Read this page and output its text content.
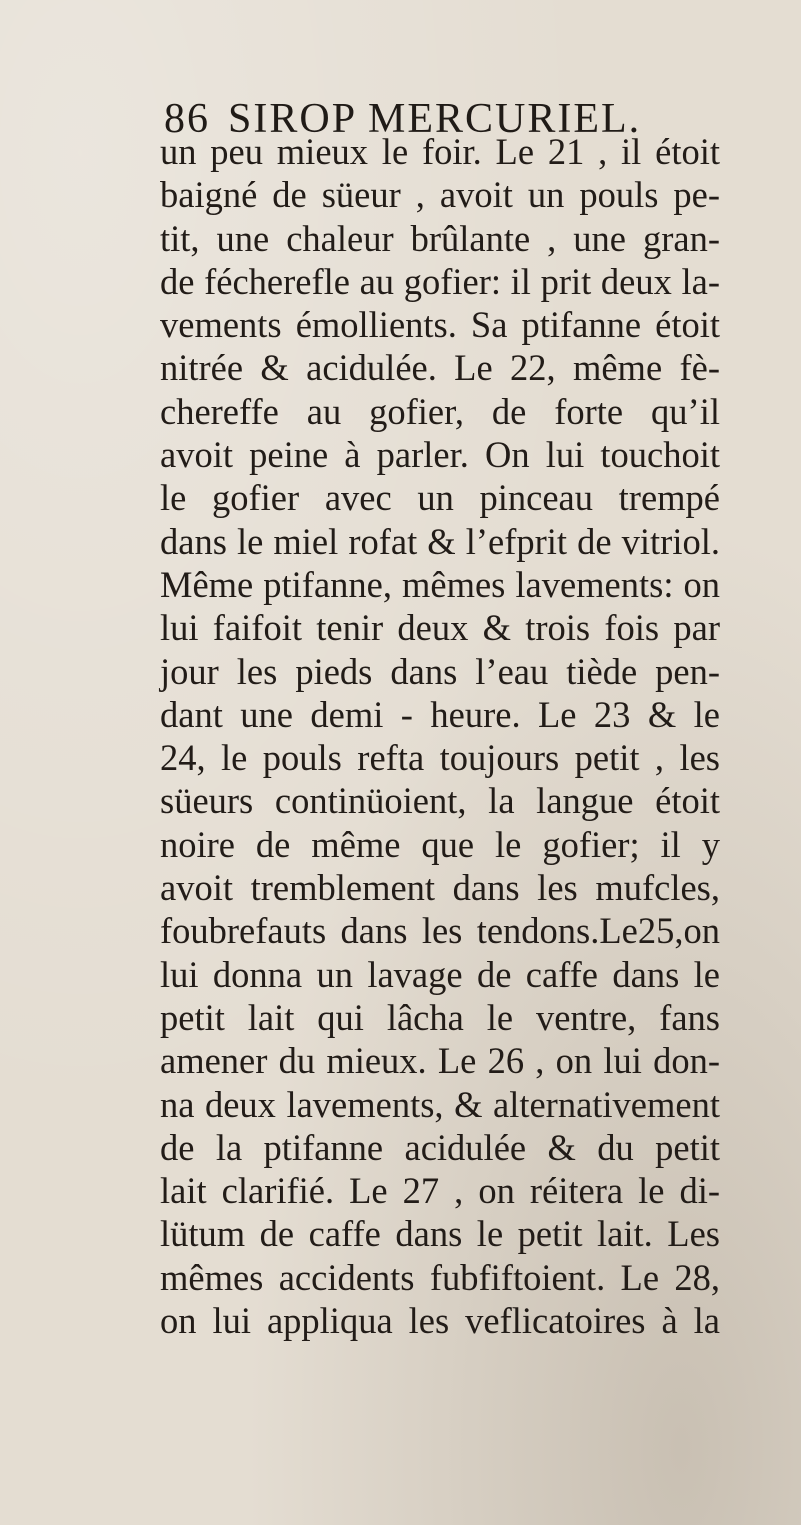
86 SIROP MERCURIEL.
un peu mieux le foir. Le 21 , il étoit
baigné de süeur , avoit un pouls pe-
tit, une chaleur brûlante , une gran-
de fécherefle au gofier: il prit deux la-
vements émollients. Sa ptifanne étoit
nitrée & acidulée. Le 22, même fè-
chereffe au gofier, de forte qu’il
avoit peine à parler. On lui touchoit
le gofier avec un pinceau trempé
dans le miel rofat & l’efprit de vitriol.
Même ptifanne, mêmes lavements: on
lui faifoit tenir deux & trois fois par
jour les pieds dans l’eau tiède pen-
dant une demi - heure. Le 23 & le
24, le pouls refta toujours petit , les
süeurs continüoient, la langue étoit
noire de même que le gofier; il y
avoit tremblement dans les mufcles,
foubrefauts dans les tendons.Le25,on
lui donna un lavage de caffe dans le
petit lait qui lâcha le ventre, fans
amener du mieux. Le 26 , on lui don-
na deux lavements, & alternativement
de la ptifanne acidulée & du petit
lait clarifié. Le 27 , on réitera le di-
lütum de caffe dans le petit lait. Les
mêmes accidents fubfiftoient. Le 28,
on lui appliqua les veflicatoires à la
